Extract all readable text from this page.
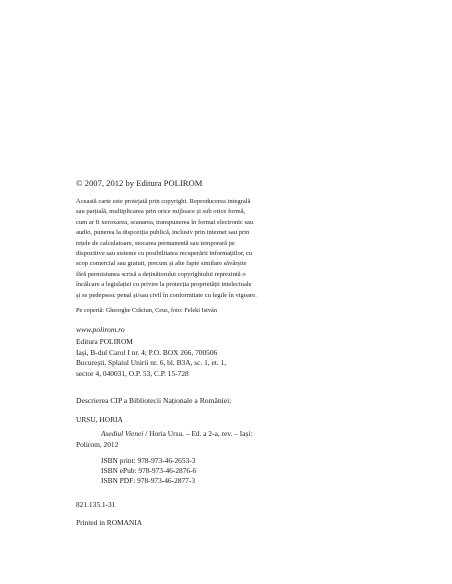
© 2007, 2012 by Editura POLIROM
Această carte este protejată prin copyright. Reproducerea integrală
sau parțială, multiplicarea prin orice mijloace și sub orice formă,
cum ar fi xeroxarea, scanarea, transpunerea în format electronic sau
audio, punerea la dispoziția publică, inclusiv prin internet sau prin
rețele de calculatoare, stocarea permanentă sau temporară pe
dispozitive sau sisteme cu posibilitatea recuperării informațiilor, cu
scop comercial sau gratuit, precum și alte fapte similare săvârșite
fără permisiunea scrisă a deținătorului copyrightului reprezintă o
încălcare a legislației cu privire la protecția proprietății intelectuale
și se pedepsesc penal și/sau civil în conformitate cu legile în vigoare.
Pe copertă: Gheorghe Crăciun, Ceus, foto: Feleki István
www.polirom.ro
Editura POLIROM
Iași, B-dul Carol I nr. 4; P.O. BOX 266, 700506
București, Splaiul Unirii nr. 6, bl. B3A, sc. 1, et. 1,
sector 4, 040031, O.P. 53, C.P. 15-728
Descrierea CIP a Bibliotecii Naționale a României:
URSU, HORIA
Asediul Vienei / Horia Ursu. – Ed. a 2-a, rev. – Iași:
Polirom, 2012
ISBN print: 978-973-46-2653-3
ISBN ePub: 978-973-46-2876-6
ISBN PDF: 978-973-46-2877-3
821.135.1-31
Printed in ROMANIA
